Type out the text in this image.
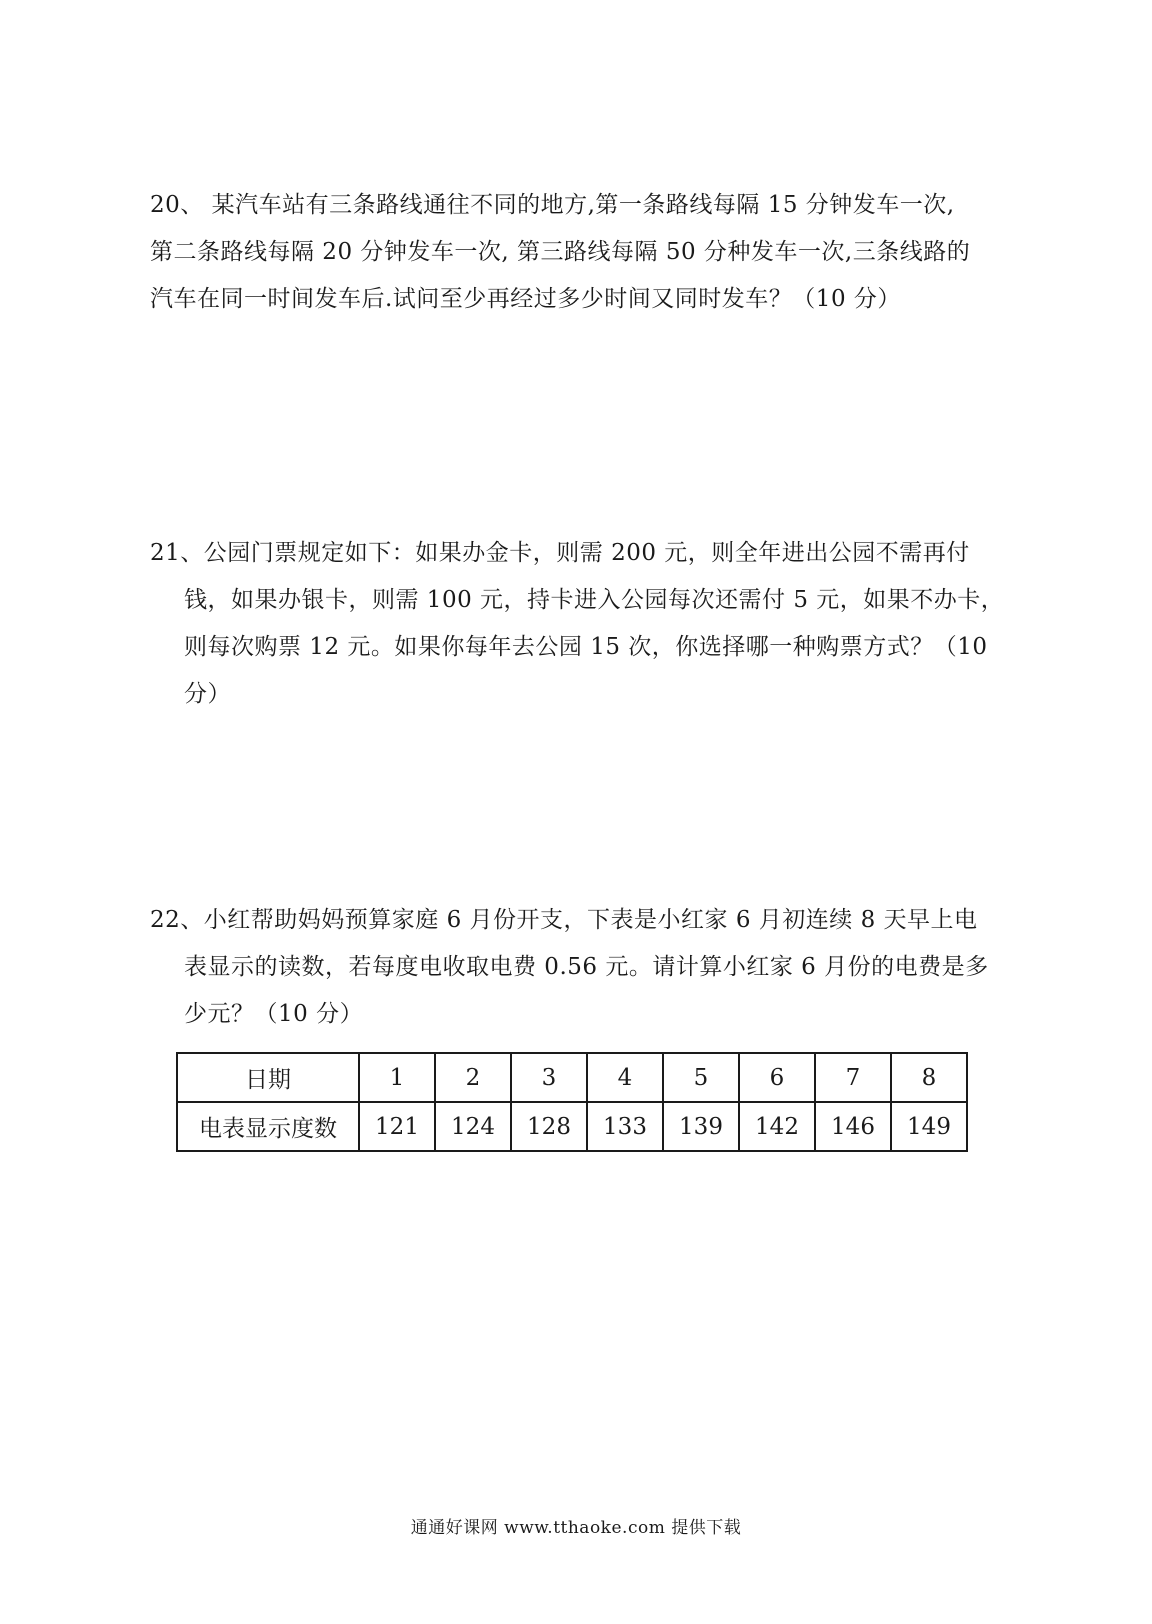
20、 某汽车站有三条路线通往不同的地方,第一条路线每隔 15 分钟发车一次,
第二条路线每隔 20 分钟发车一次, 第三路线每隔 50 分种发车一次,三条线路的
汽车在同一时间发车后.试问至少再经过多少时间又同时发车？（10 分）
21、公园门票规定如下：如果办金卡，则需 200 元，则全年进出公园不需再付
钱，如果办银卡，则需 100 元，持卡进入公园每次还需付 5 元，如果不办卡，
则每次购票 12 元。如果你每年去公园 15 次，你选择哪一种购票方式？（10
分）
22、小红帮助妈妈预算家庭 6 月份开支，下表是小红家 6 月初连续 8 天早上电
表显示的读数，若每度电收取电费 0.56 元。请计算小红家 6 月份的电费是多
少元？（10 分）
日期	1	2	3	4	5	6	7	8
电表显示度数	121	124	128	133	139	142	146	149
通通好课网 www.tthaoke.com 提供下载
